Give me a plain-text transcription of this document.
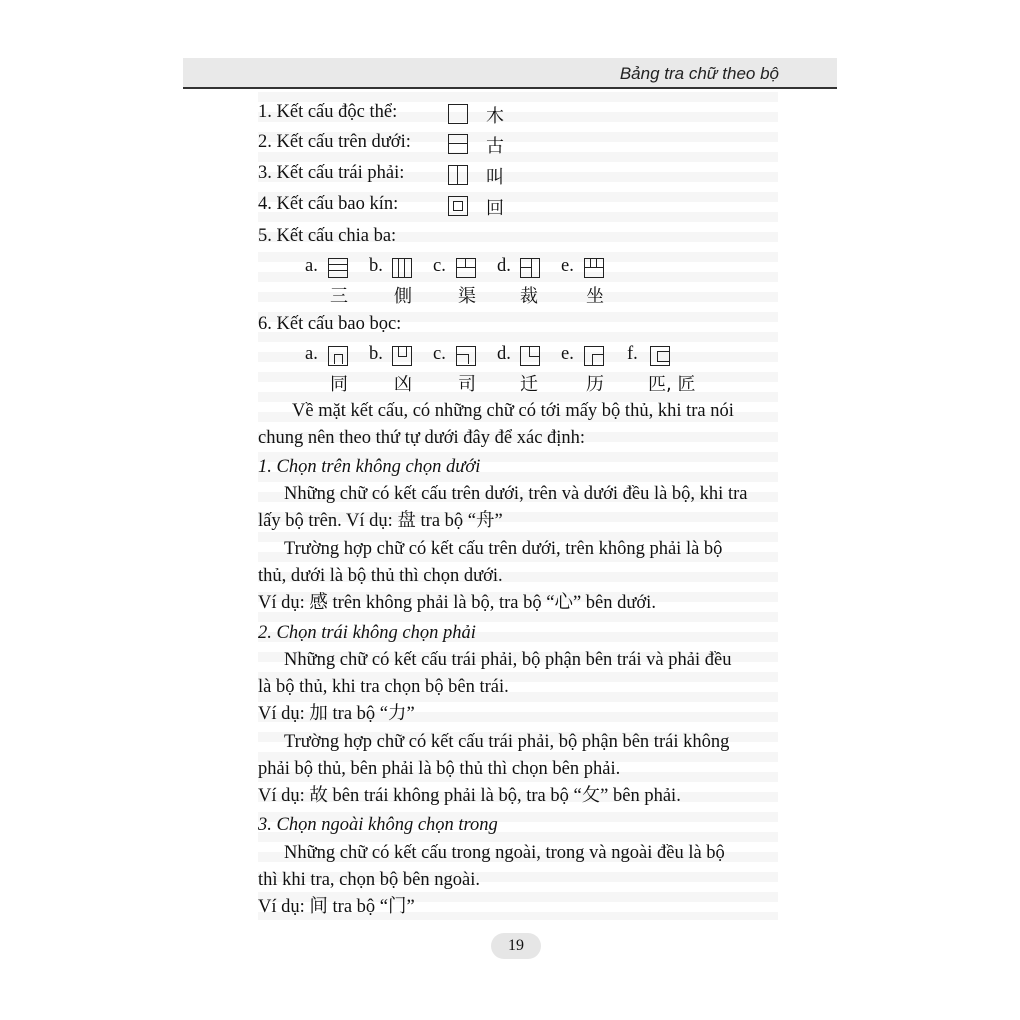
Bảng tra chữ theo bộ
1. Kết cấu độc thể:	木
2. Kết cấu trên dưới:	古
3. Kết cấu trái phải:	叫
4. Kết cấu bao kín:	回
5. Kết cấu chia ba:
a.	b.	c.	d.	e.
三	側	渠 裁	坐
6. Kết cấu bao bọc:
a.	b.	c.	d.	e.	f.
同	凶	司 迁	历 匹, 匠
Về mặt kết cấu, có những chữ có tới mấy bộ thủ, khi tra nói
chung nên theo thứ tự dưới đây để xác định:
1. Chọn trên không chọn dưới
Những chữ có kết cấu trên dưới, trên và dưới đều là bộ, khi tra
lấy bộ trên. Ví dụ: 盘 tra bộ “舟”
Trường hợp chữ có kết cấu trên dưới, trên không phải là bộ
thủ, dưới là bộ thủ thì chọn dưới.
Ví dụ: 感 trên không phải là bộ, tra bộ “心” bên dưới.
2. Chọn trái không chọn phải
Những chữ có kết cấu trái phải, bộ phận bên trái và phải đều
là bộ thủ, khi tra chọn bộ bên trái.
Ví dụ: 加 tra bộ “力”
Trường hợp chữ có kết cấu trái phải, bộ phận bên trái không
phải bộ thủ, bên phải là bộ thủ thì chọn bên phải.
Ví dụ: 故 bên trái không phải là bộ, tra bộ “攵” bên phải.
3. Chọn ngoài không chọn trong
Những chữ có kết cấu trong ngoài, trong và ngoài đều là bộ
thì khi tra, chọn bộ bên ngoài.
Ví dụ: 间 tra bộ “门”
19
